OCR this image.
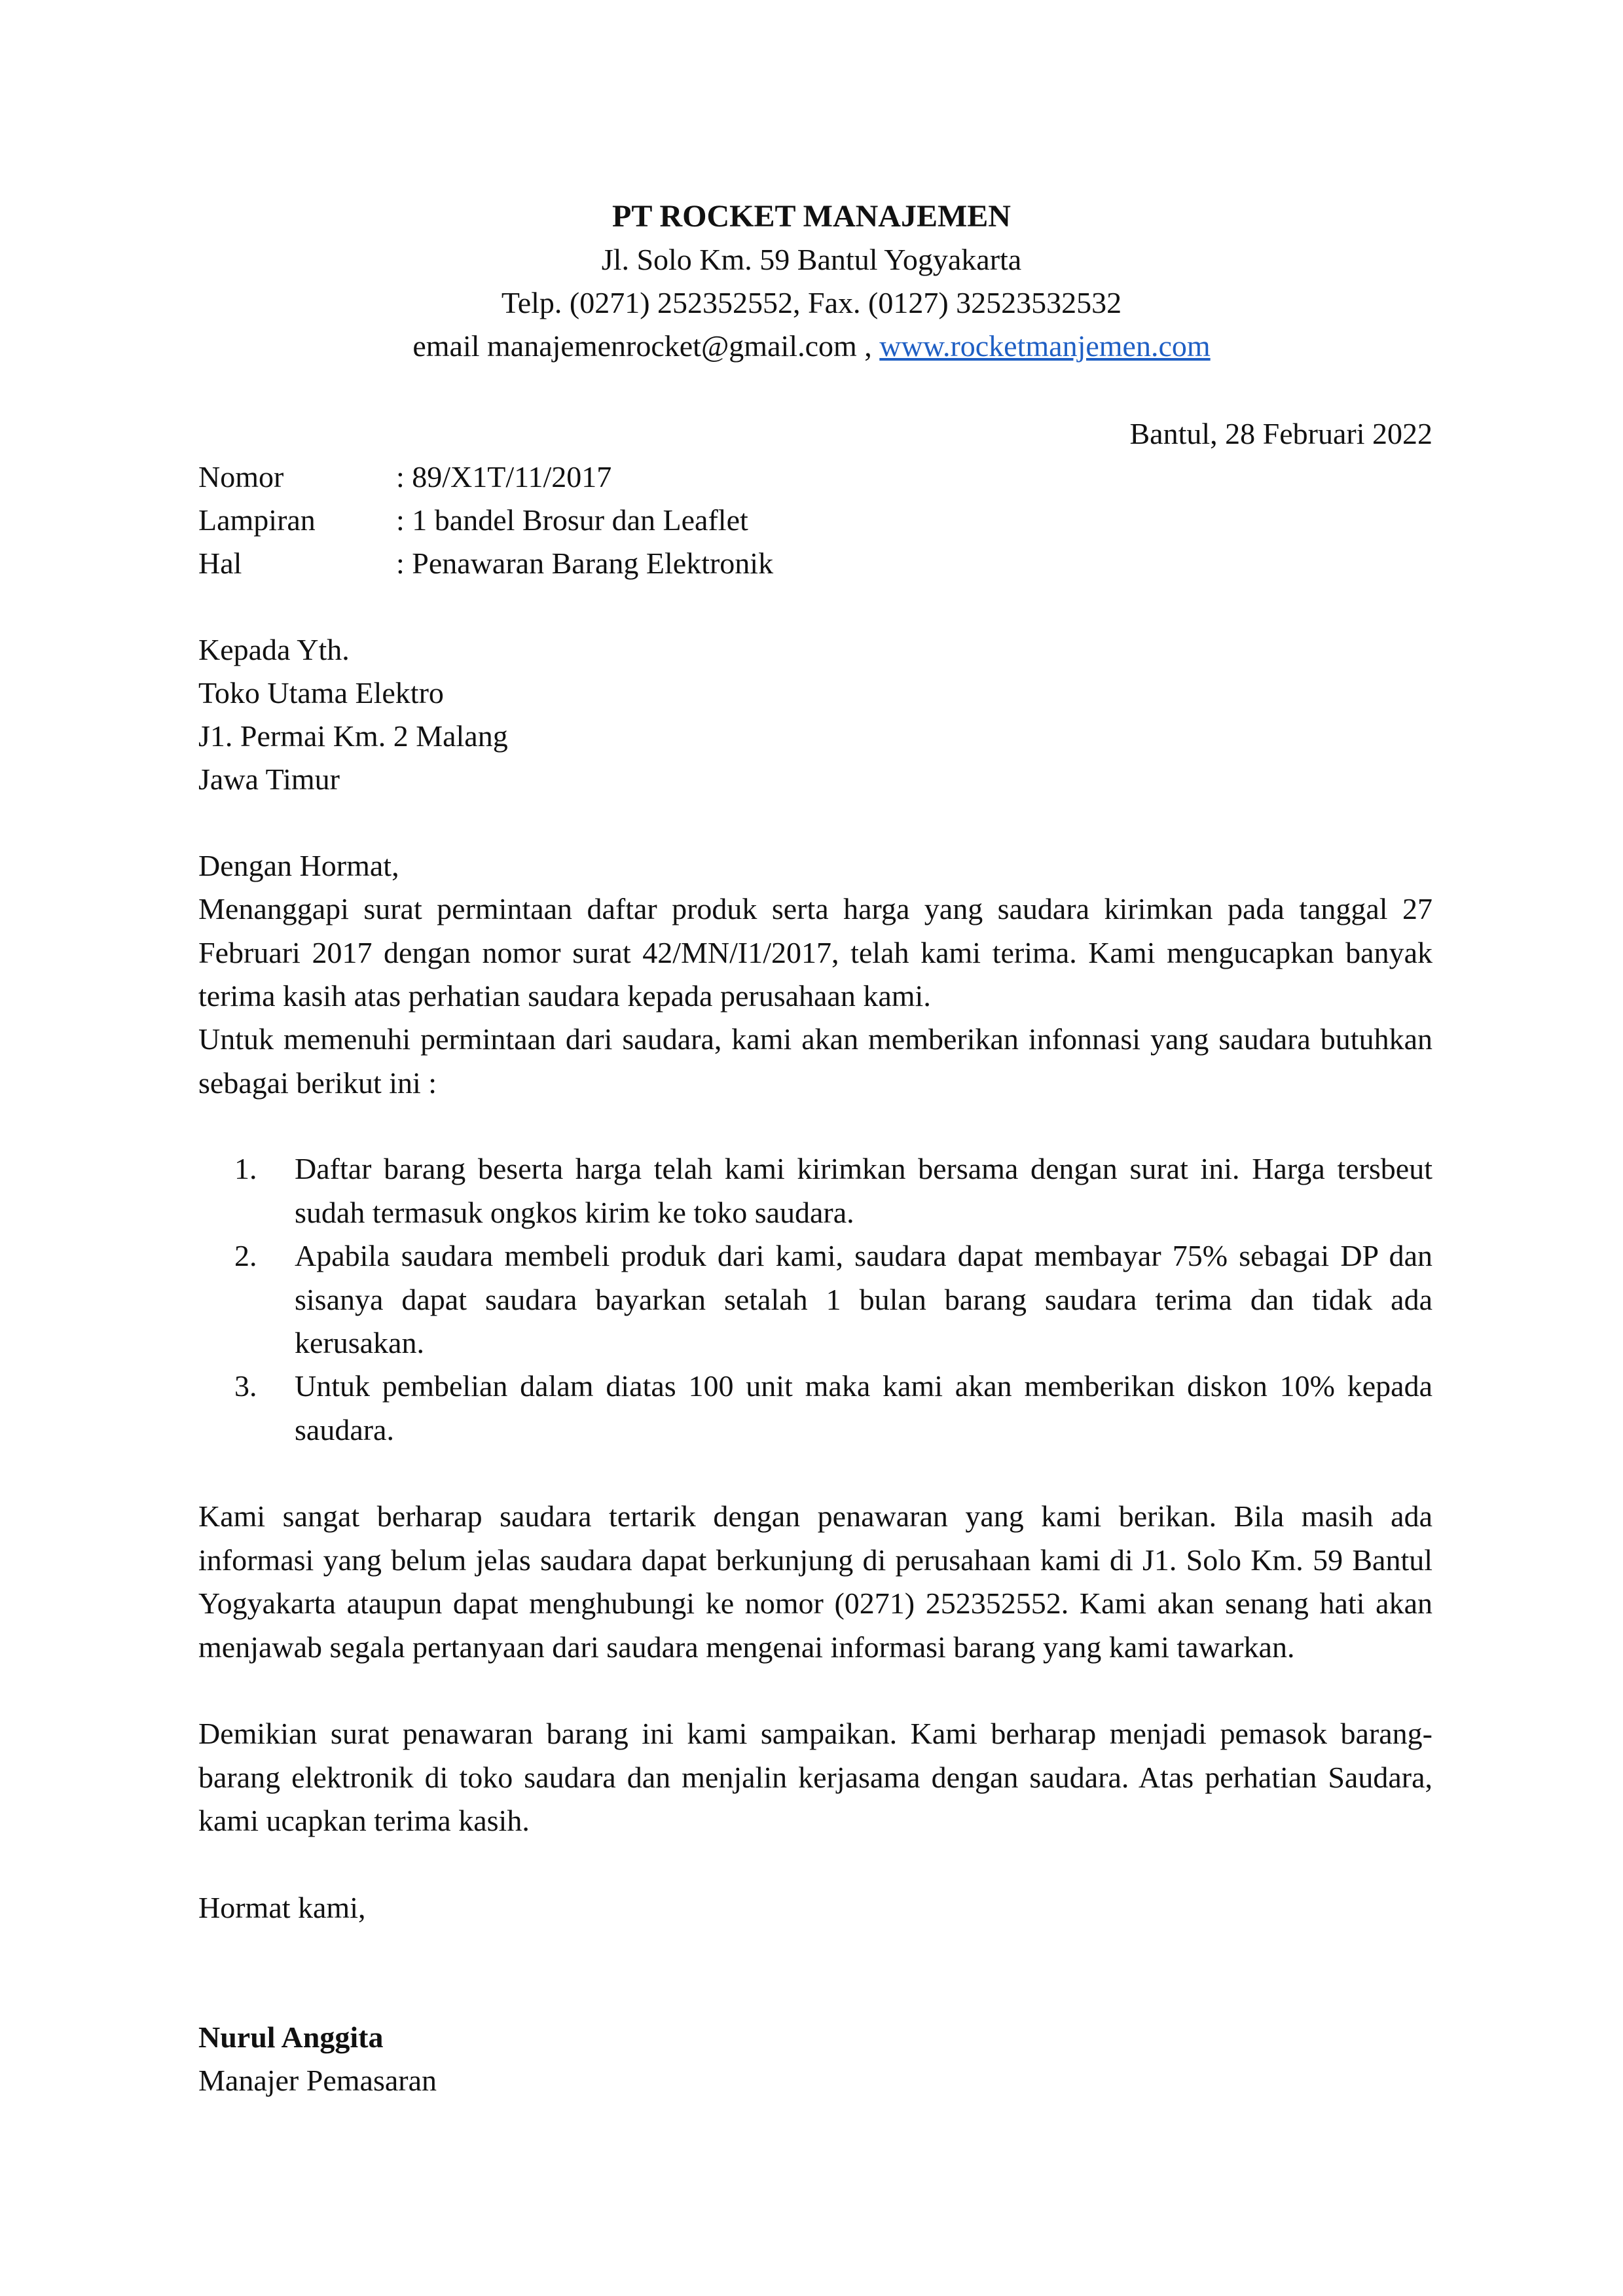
PT ROCKET MANAJEMEN
Jl. Solo Km. 59 Bantul Yogyakarta
Telp. (0271) 252352552, Fax. (0127) 32523532532
email manajemenrocket@gmail.com , www.rocketmanjemen.com
Bantul, 28 Februari 2022
Nomor	: 89/X1T/11/2017
Lampiran	: 1 bandel Brosur dan Leaflet
Hal	: Penawaran Barang Elektronik
Kepada Yth.
Toko Utama Elektro
J1. Permai Km. 2 Malang
Jawa Timur
Dengan Hormat,

Menanggapi surat permintaan daftar produk serta harga yang saudara kirimkan pada tanggal 27 Februari 2017 dengan nomor surat 42/MN/I1/2017, telah kami terima. Kami mengucapkan banyak terima kasih atas perhatian saudara kepada perusahaan kami.

Untuk memenuhi permintaan dari saudara, kami akan memberikan infonnasi yang saudara butuhkan sebagai berikut ini :

1.	Daftar barang beserta harga telah kami kirimkan bersama dengan surat ini. Harga tersbeut sudah termasuk ongkos kirim ke toko saudara.
2.	Apabila saudara membeli produk dari kami, saudara dapat membayar 75% sebagai DP dan sisanya dapat saudara bayarkan setalah 1 bulan barang saudara terima dan tidak ada kerusakan.
3.	Untuk pembelian dalam diatas 100 unit maka kami akan memberikan diskon 10% kepada saudara.

Kami sangat berharap saudara tertarik dengan penawaran yang kami berikan. Bila masih ada informasi yang belum jelas saudara dapat berkunjung di perusahaan kami di J1. Solo Km. 59 Bantul Yogyakarta ataupun dapat menghubungi ke nomor (0271) 252352552. Kami akan senang hati akan menjawab segala pertanyaan dari saudara mengenai informasi barang yang kami tawarkan.

Demikian surat penawaran barang ini kami sampaikan. Kami berharap menjadi pemasok barang-barang elektronik di toko saudara dan menjalin kerjasama dengan saudara. Atas perhatian Saudara, kami ucapkan terima kasih.

Hormat kami,
Nurul Anggita
Manajer Pemasaran
